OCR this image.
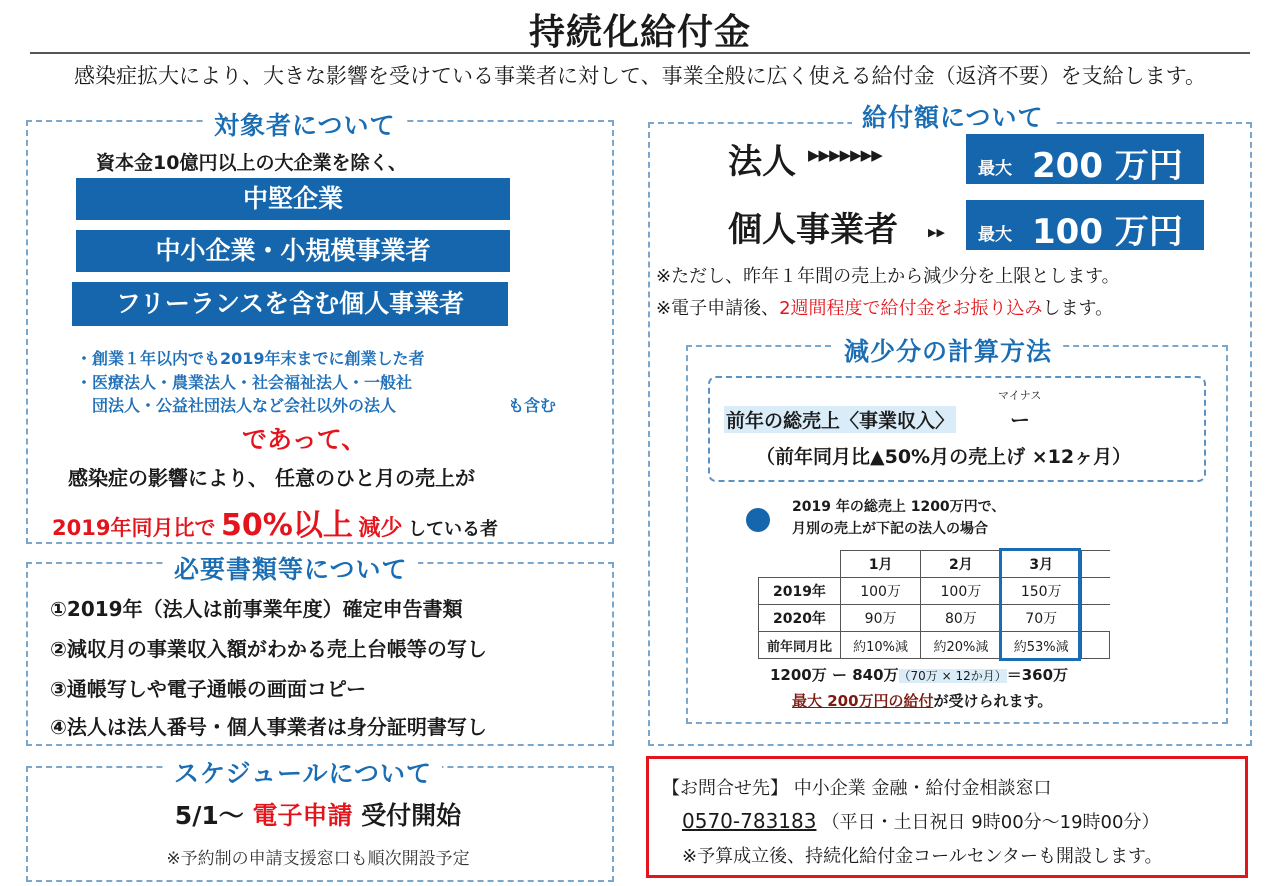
持続化給付金
感染症拡大により、大きな影響を受けている事業者に対して、事業全般に広く使える給付金（返済不要）を支給します。
対象者について
資本金10億円以上の大企業を除く、
中堅企業
中小企業・小規模事業者
フリーランスを含む個人事業者
・創業１年以内でも2019年末までに創業した者
・医療法人・農業法人・社会福祉法人・一般社
団法人・公益社団法人など会社以外の法人	も含む
であって、
感染症の影響により、 任意のひと月の売上が
2019年同月比で 50%以上 減少 している者
必要書類等について
①2019年（法人は前事業年度）確定申告書類
②減収月の事業収入額がわかる売上台帳等の写し
③通帳写しや電子通帳の画面コピー
④法人は法人番号・個人事業者は身分証明書写し
スケジュールについて
5/1～ 電子申請 受付開始
※予約制の申請支援窓口も順次開設予定
給付額について
法人 ▶▶▶▶▶▶▶
最大 200 万円
個人事業者	▶▶ 最大 100 万円
※ただし、昨年１年間の売上から減少分を上限とします。
※電子申請後、2週間程度で給付金をお振り込みします。
減少分の計算方法
マイナス
前年の総売上〈事業収入〉	ー
（前年同月比▲50%月の売上げ ×12ヶ月）
2019 年の総売上 1200万円で、
月別の売上が下記の法人の場合
	1月	2月	3月	
2019年	100万	100万	150万	
2020年	90万	80万	70万	
前年同月比	約10%減	約20%減	約53%減	
1200万 ー 840万（70万 × 12か月）＝360万
最大 200万円の給付が受けられます。
【お問合せ先】 中小企業 金融・給付金相談窓口
0570-783183 （平日・土日祝日 9時00分～19時00分）
※予算成立後、持続化給付金コールセンターも開設します。
